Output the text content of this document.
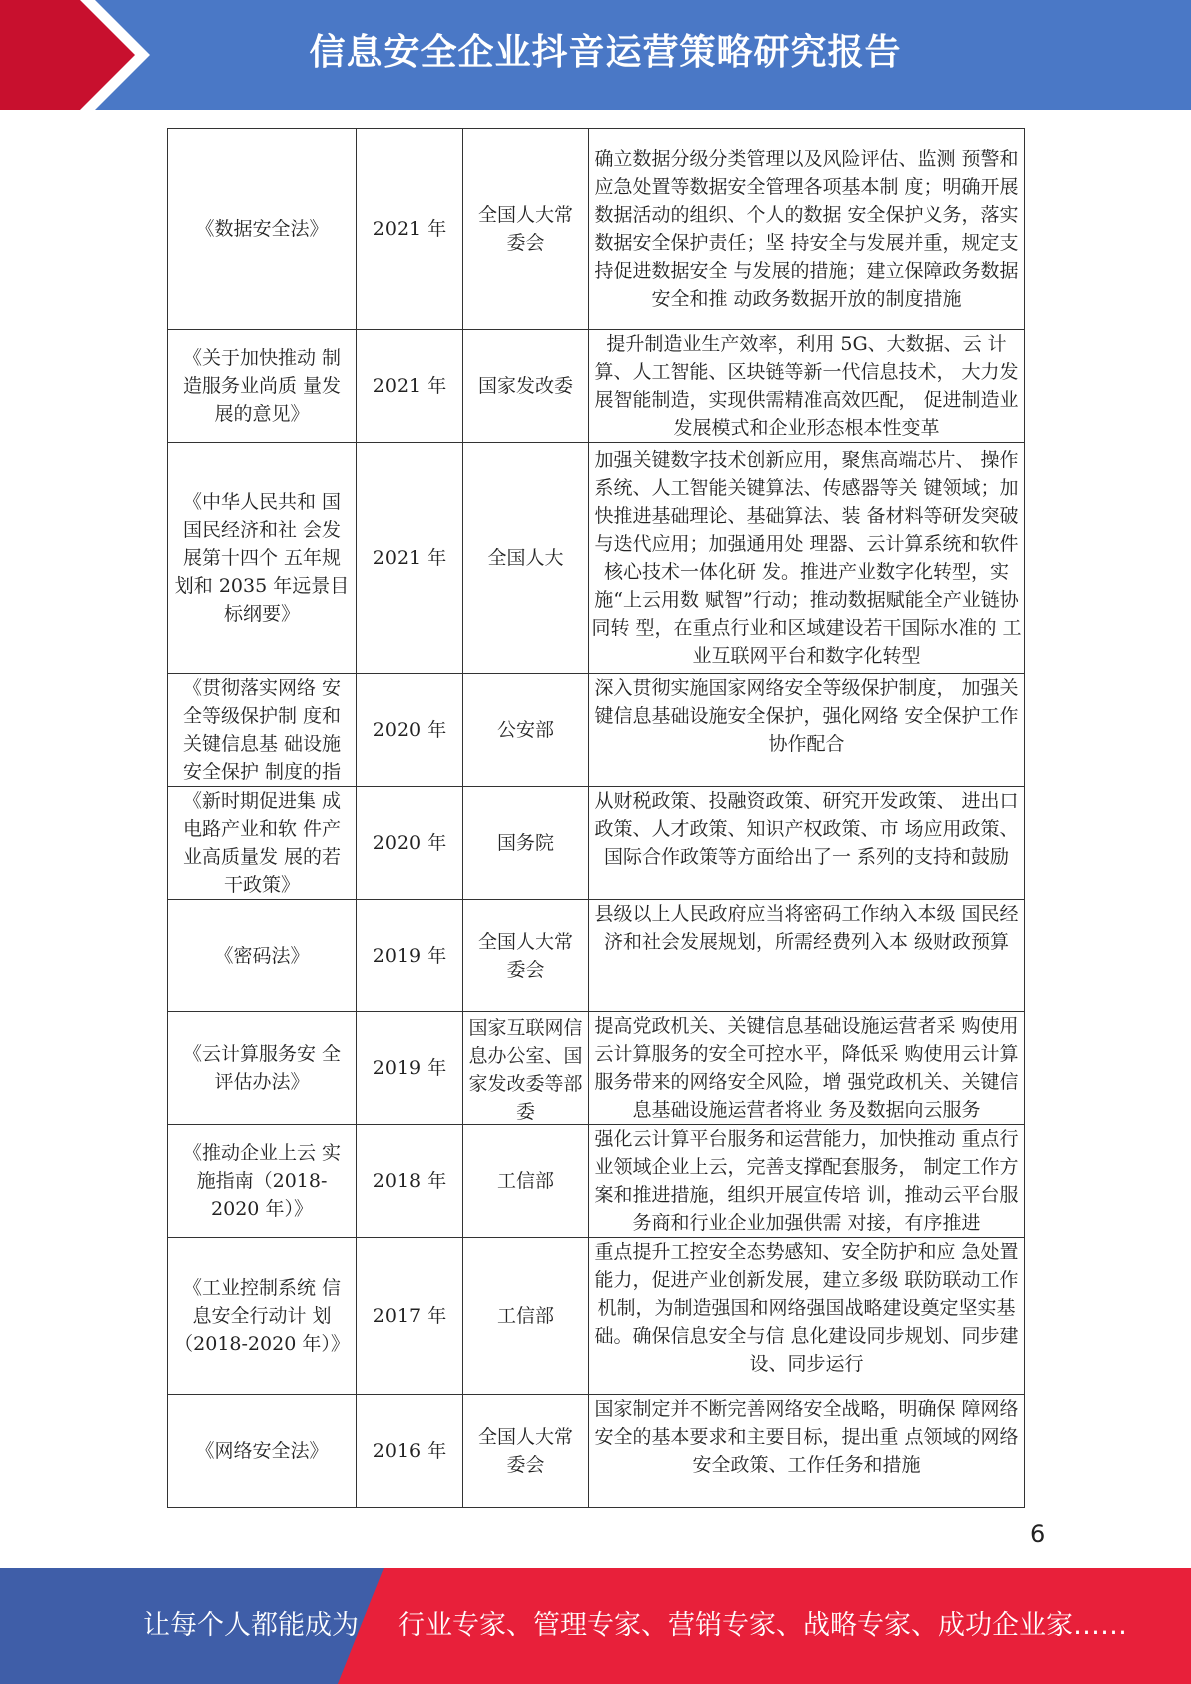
信息安全企业抖音运营策略研究报告
《数据安全法》	2021 年	全国人大常委会	确立数据分级分类管理以及风险评估、监测 预警和应急处置等数据安全管理各项基本制 度；明确开展数据活动的组织、个人的数据 安全保护义务，落实数据安全保护责任；坚 持安全与发展并重，规定支持促进数据安全 与发展的措施；建立保障政务数据安全和推 动政务数据开放的制度措施
《关于加快推动 制造服务业尚质 量发展的意见》	2021 年	国家发改委	提升制造业生产效率，利用 5G、大数据、云 计算、人工智能、区块链等新一代信息技术， 大力发展智能制造，实现供需精准高效匹配， 促进制造业发展模式和企业形态根本性变革
《中华人民共和 国国民经济和社 会发展第十四个 五年规划和 2035 年远景目标纲要》	2021 年	全国人大	加强关键数字技术创新应用，聚焦高端芯片、 操作系统、人工智能关键算法、传感器等关 键领域；加快推进基础理论、基础算法、装 备材料等研发突破与迭代应用；加强通用处 理器、云计算系统和软件核心技术一体化研 发。推进产业数字化转型，实施“上云用数 赋智”行动；推动数据赋能全产业链协同转 型，在重点行业和区域建设若干国际水准的 工业互联网平台和数字化转型

《贯彻落实网络 安全等级保护制 度和关键信息基 础设施安全保护 制度的指	2020 年	公安部	深入贯彻实施国家网络安全等级保护制度， 加强关键信息基础设施安全保护，强化网络 安全保护工作协作配合
《新时期促进集 成电路产业和软 件产业高质量发 展的若干政策》	2020 年	国务院	从财税政策、投融资政策、研究开发政策、 进出口政策、人才政策、知识产权政策、市 场应用政策、国际合作政策等方面给出了一 系列的支持和鼓励
《密码法》	2019 年	全国人大常委会	县级以上人民政府应当将密码工作纳入本级 国民经济和社会发展规划，所需经费列入本 级财政预算
《云计算服务安 全评估办法》	2019 年	国家互联网信息办公室、国家发改委等部委	提高党政机关、关键信息基础设施运营者采 购使用云计算服务的安全可控水平，降低采 购使用云计算服务带来的网络安全风险，增 强党政机关、关键信息基础设施运营者将业 务及数据向云服务

《推动企业上云 实施指南（2018-2020 年）》	2018 年	工信部	强化云计算平台服务和运营能力，加快推动 重点行业领域企业上云，完善支撑配套服务， 制定工作方案和推进措施，组织开展宣传培 训，推动云平台服务商和行业企业加强供需 对接，有序推进

《工业控制系统 信息安全行动计 划（2018-2020 年）》	2017 年	工信部	重点提升工控安全态势感知、安全防护和应 急处置能力，促进产业创新发展，建立多级 联防联动工作机制，为制造强国和网络强国战略建设奠定坚实基础。确保信息安全与信 息化建设同步规划、同步建设、同步运行
《网络安全法》	2016 年	全国人大常委会	国家制定并不断完善网络安全战略，明确保 障网络安全的基本要求和主要目标，提出重 点领域的网络安全政策、工作任务和措施
6
让每个人都能成为 行业专家、管理专家、营销专家、战略专家、成功企业家……
